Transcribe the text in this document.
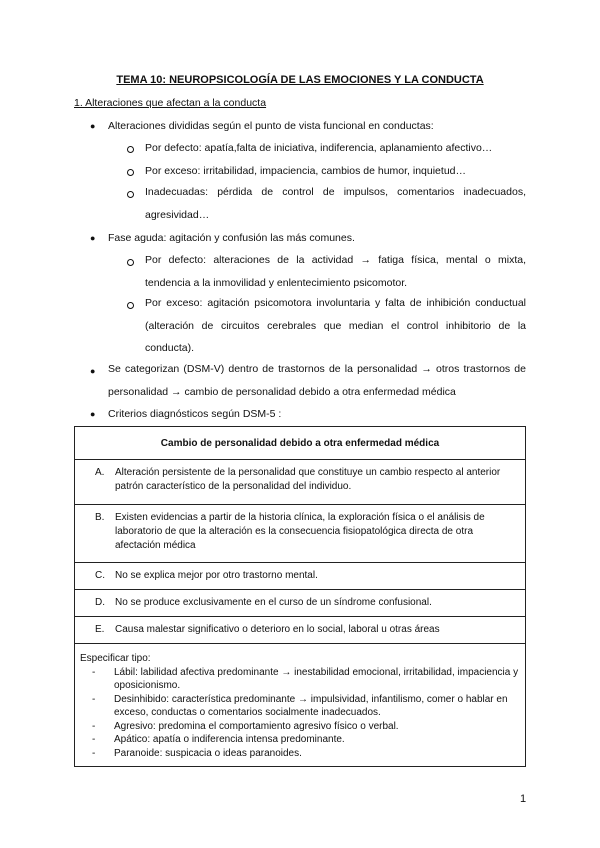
TEMA 10: NEUROPSICOLOGÍA DE LAS EMOCIONES Y LA CONDUCTA
1. Alteraciones que afectan a la conducta
● Alteraciones divididas según el punto de vista funcional en conductas:
Por defecto: apatía,falta de iniciativa, indiferencia, aplanamiento afectivo…
Por exceso: irritabilidad, impaciencia, cambios de humor, inquietud…
Inadecuadas: pérdida de control de impulsos, comentarios inadecuados, agresividad…
● Fase aguda: agitación y confusión las más comunes.
Por defecto: alteraciones de la actividad → fatiga física, mental o mixta, tendencia a la inmovilidad y enlentecimiento psicomotor.
Por exceso: agitación psicomotora involuntaria y falta de inhibición conductual (alteración de circuitos cerebrales que median el control inhibitorio de la conducta).
● Se categorizan (DSM-V) dentro de trastornos de la personalidad → otros trastornos de personalidad → cambio de personalidad debido a otra enfermedad médica
● Criterios diagnósticos según DSM-5 :
Cambio de personalidad debido a otra enfermedad médica

A.	Alteración persistente de la personalidad que constituye un cambio respecto al anterior patrón característico de la personalidad del individuo.

B.	Existen evidencias a partir de la historia clínica, la exploración física o el análisis de laboratorio de que la alteración es la consecuencia fisiopatológica directa de otra afectación médica

C.	No se explica mejor por otro trastorno mental.

D.	No se produce exclusivamente en el curso de un síndrome confusional.

E.	Causa malestar significativo o deterioro en lo social, laboral u otras áreas

Especificar tipo:
-	Lábil: labilidad afectiva predominante → inestabilidad emocional, irritabilidad, impaciencia y oposicionismo.
-	Desinhibido: característica predominante → impulsividad, infantilismo, comer o hablar en exceso, conductas o comentarios socialmente inadecuados.
-	Agresivo: predomina el comportamiento agresivo físico o verbal.
-	Apático: apatía o indiferencia intensa predominante.
-	Paranoide: suspicacia o ideas paranoides.
1
